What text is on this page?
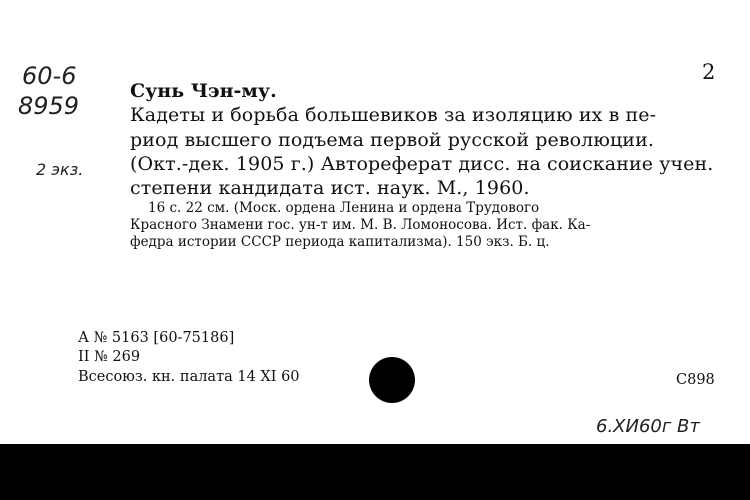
60-6
8959
2 экз.
2
Сунь Чэн-му.
Кадеты и борьба большевиков за изоляцию их в пе-
риод высшего подъема первой русской революции.
(Окт.-дек. 1905 г.) Автореферат дисс. на соискание учен.
степени кандидата ист. наук. М., 1960.
16 с. 22 см. (Моск. ордена Ленина и ордена Трудового
Красного Знамени гос. ун-т им. М. В. Ломоносова. Ист. фак. Ка-
федра истории СССР периода капитализма). 150 экз. Б. ц.
А № 5163 [60-75186]
II № 269
Всесоюз. кн. палата 14 XI 60	С898
6.XИ60г Вт
